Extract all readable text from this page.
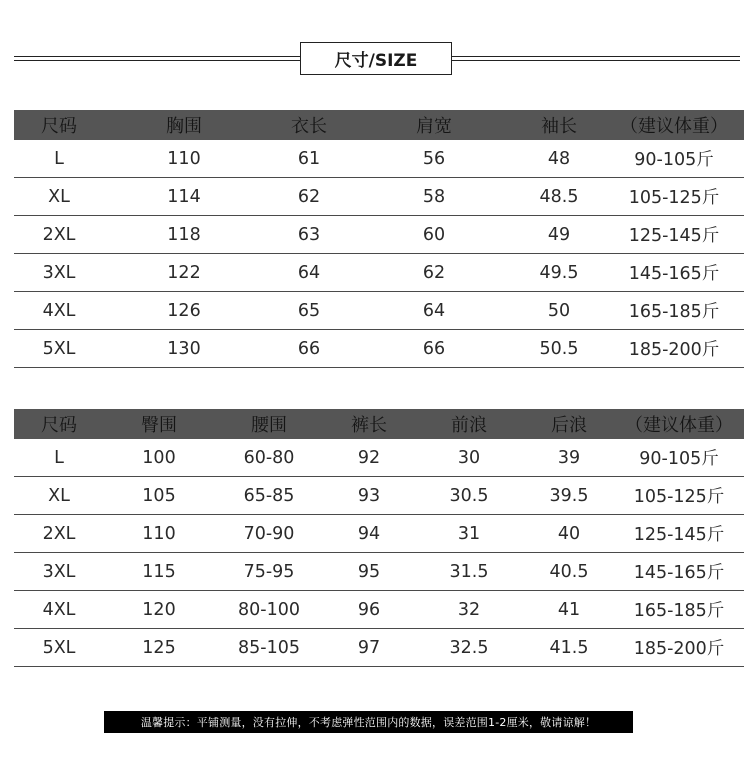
尺寸/SIZE
尺码	胸围	衣长	肩宽	袖长	（建议体重）
L	110	61	56	48	90-105斤
XL	114	62	58	48.5	105-125斤
2XL	118	63	60	49	125-145斤
3XL	122	64	62	49.5	145-165斤
4XL	126	65	64	50	165-185斤
5XL	130	66	66	50.5	185-200斤
尺码	臀围	腰围	裤长	前浪	后浪	（建议体重）
L	100	60-80	92	30	39	90-105斤
XL	105	65-85	93	30.5	39.5	105-125斤
2XL	110	70-90	94	31	40	125-145斤
3XL	115	75-95	95	31.5	40.5	145-165斤
4XL	120	80-100	96	32	41	165-185斤
5XL	125	85-105	97	32.5	41.5	185-200斤
温馨提示：平铺测量，没有拉伸，不考虑弹性范围内的数据，误差范围1-2厘米，敬请谅解！
